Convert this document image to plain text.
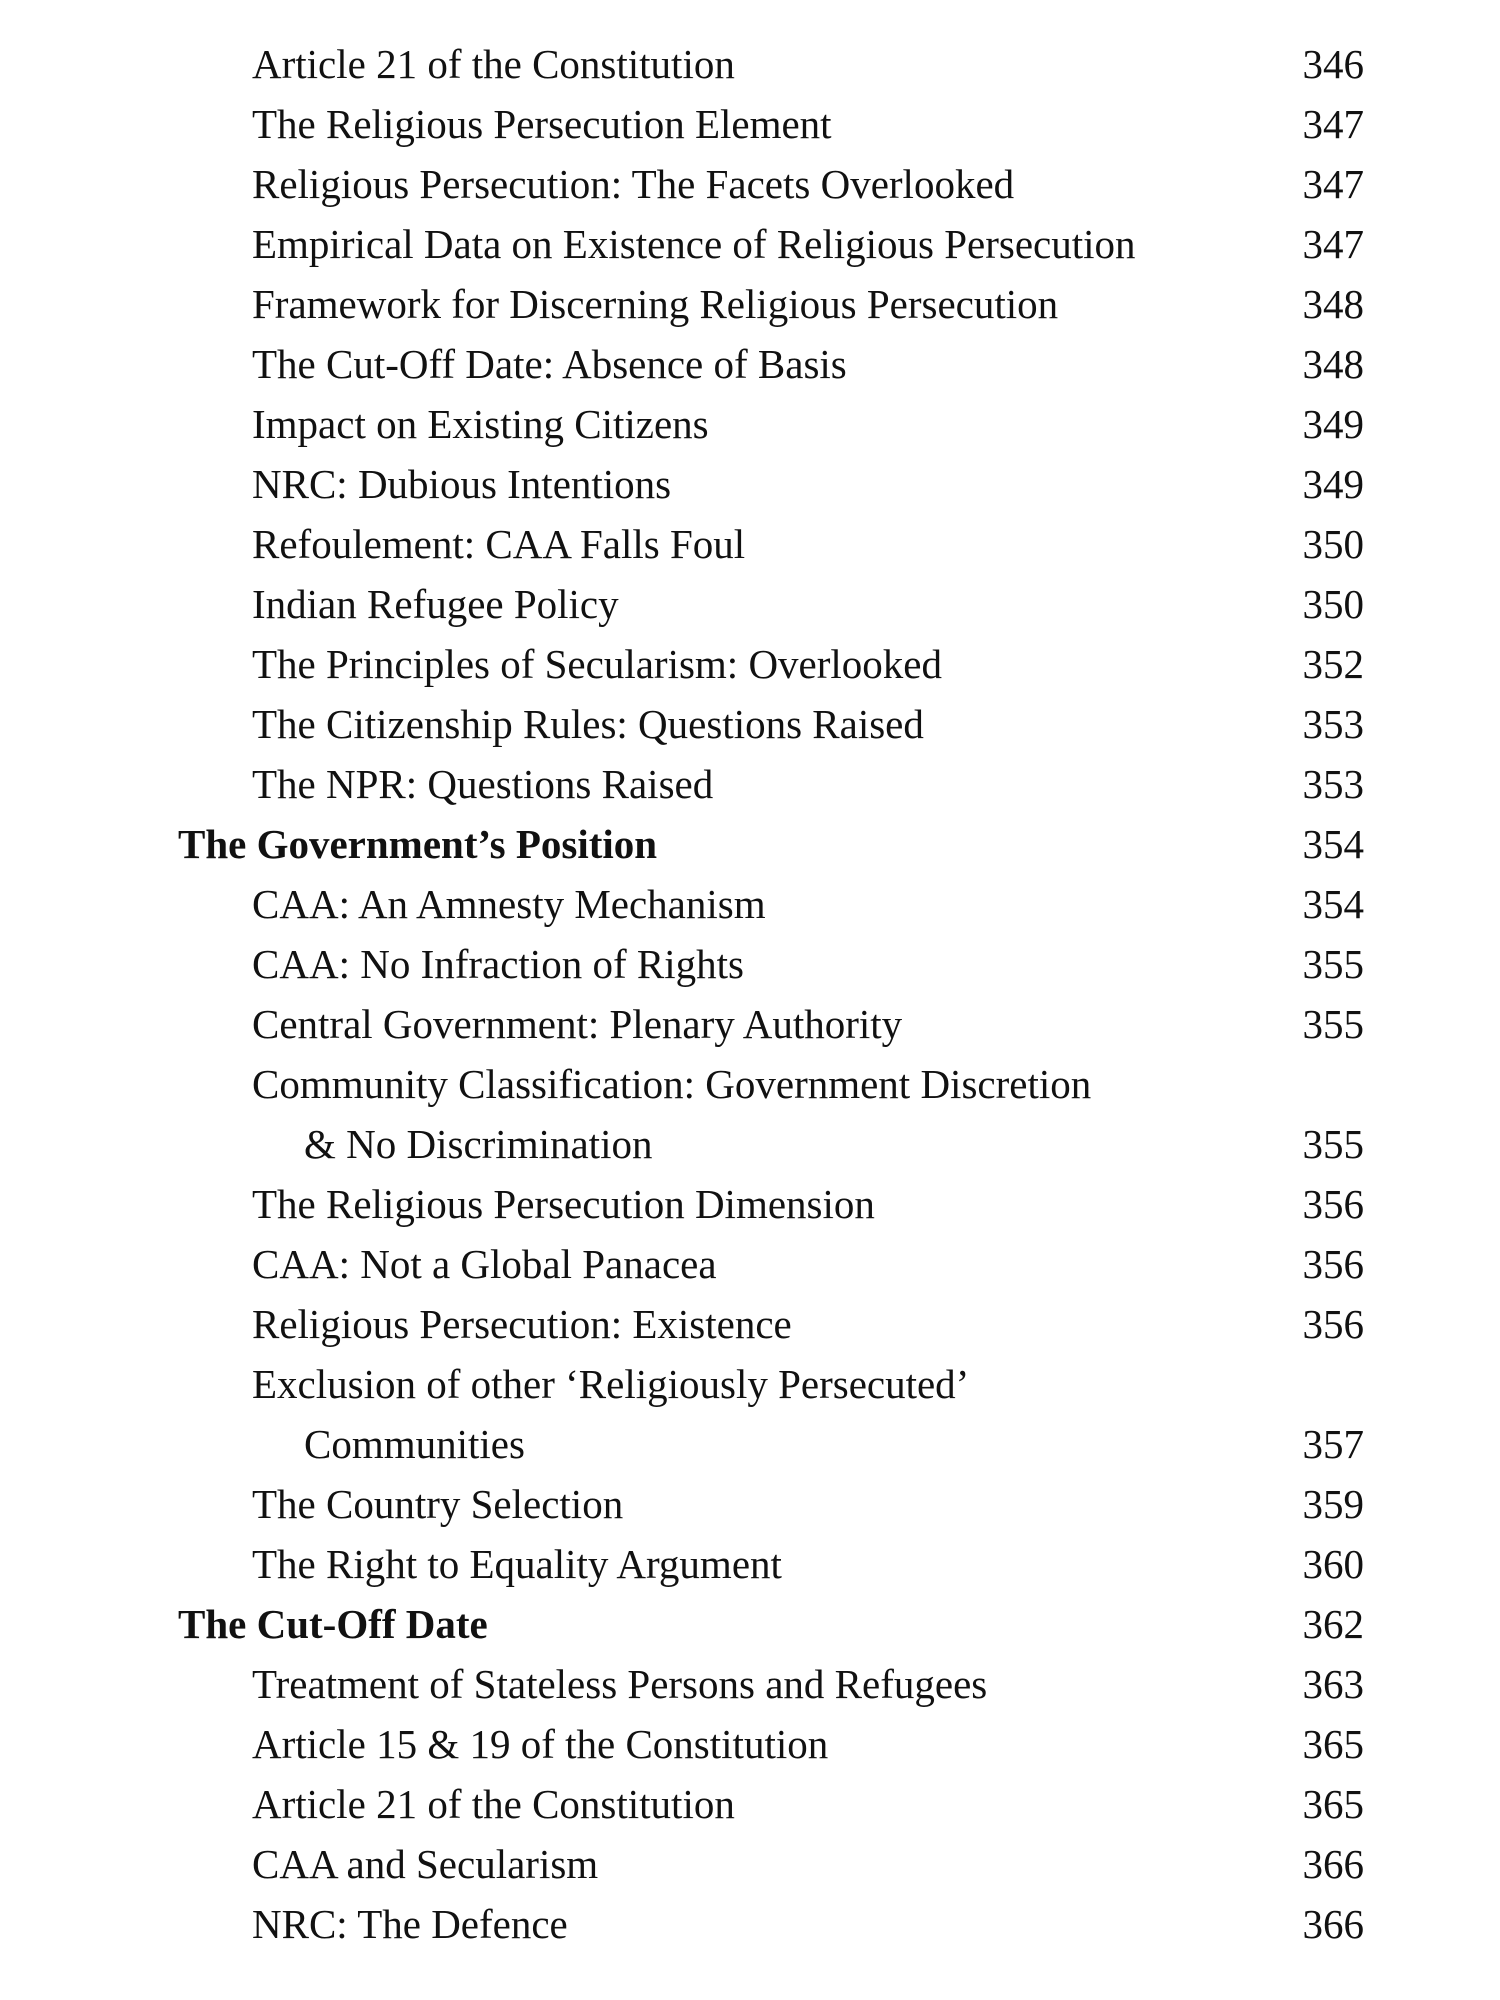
Article 21 of the Constitution	346
The Religious Persecution Element	347
Religious Persecution: The Facets Overlooked	347
Empirical Data on Existence of Religious Persecution	347
Framework for Discerning Religious Persecution	348
The Cut-Off Date: Absence of Basis	348
Impact on Existing Citizens	349
NRC: Dubious Intentions	349
Refoulement: CAA Falls Foul	350
Indian Refugee Policy	350
The Principles of Secularism: Overlooked	352
The Citizenship Rules: Questions Raised	353
The NPR: Questions Raised	353
The Government’s Position	354
CAA: An Amnesty Mechanism	354
CAA: No Infraction of Rights	355
Central Government: Plenary Authority	355
Community Classification: Government Discretion
& No Discrimination	355
The Religious Persecution Dimension	356
CAA: Not a Global Panacea	356
Religious Persecution: Existence	356
Exclusion of other ‘Religiously Persecuted’
Communities	357
The Country Selection	359
The Right to Equality Argument	360
The Cut-Off Date	362
Treatment of Stateless Persons and Refugees	363
Article 15 & 19 of the Constitution	365
Article 21 of the Constitution	365
CAA and Secularism	366
NRC: The Defence	366
